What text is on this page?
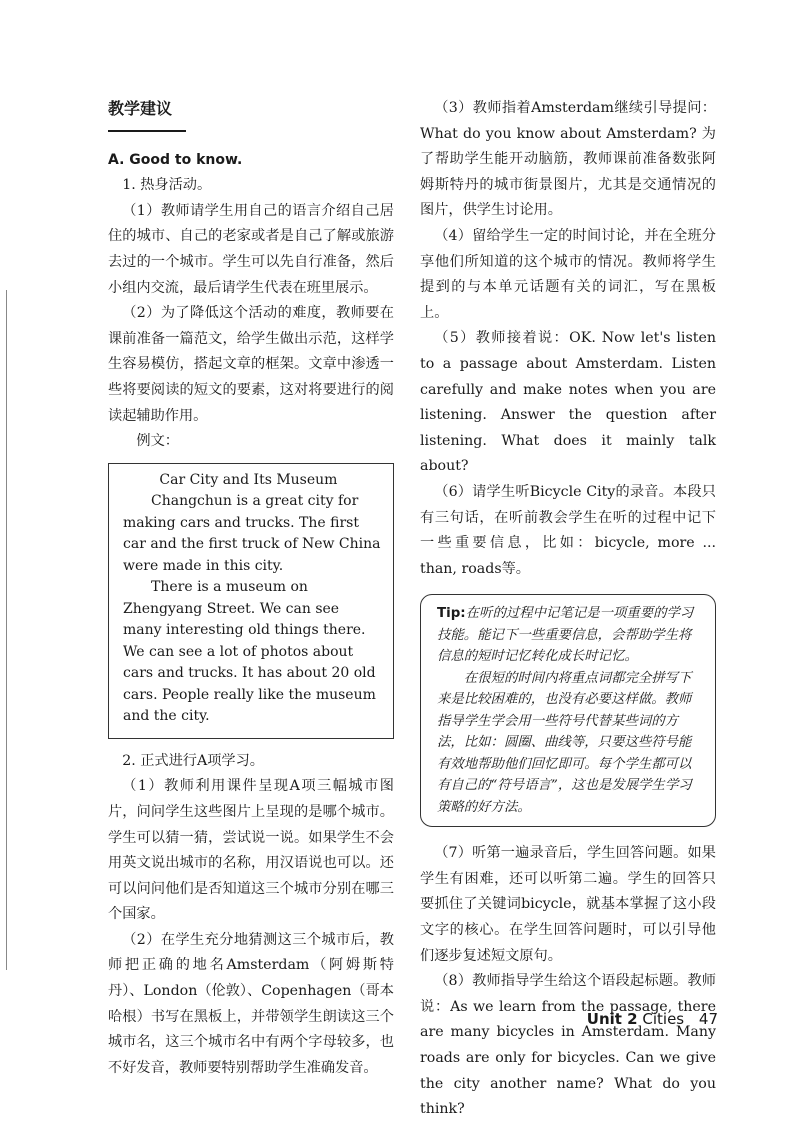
教学建议

A. Good to know.

1. 热身活动。

（1）教师请学生用自己的语言介绍自己居住的城市、自己的老家或者是自己了解或旅游去过的一个城市。学生可以先自行准备，然后小组内交流，最后请学生代表在班里展示。

（2）为了降低这个活动的难度，教师要在课前准备一篇范文，给学生做出示范，这样学生容易模仿，搭起文章的框架。文章中渗透一些将要阅读的短文的要素，这对将要进行的阅读起辅助作用。

例文：

Car City and Its Museum

Changchun is a great city for making cars and trucks. The first car and the first truck of New China were made in this city.

There is a museum on Zhengyang Street. We can see many interesting old things there. We can see a lot of photos about cars and trucks. It has about 20 old cars. People really like the museum and the city.

2. 正式进行A项学习。

（1）教师利用课件呈现A项三幅城市图片，问问学生这些图片上呈现的是哪个城市。学生可以猜一猜，尝试说一说。如果学生不会用英文说出城市的名称，用汉语说也可以。还可以问问他们是否知道这三个城市分别在哪三个国家。

（2）在学生充分地猜测这三个城市后，教师把正确的地名Amsterdam（阿姆斯特丹）、London（伦敦）、Copenhagen（哥本哈根）书写在黑板上，并带领学生朗读这三个城市名，这三个城市名中有两个字母较多，也不好发音，教师要特别帮助学生准确发音。

（3）教师指着Amsterdam继续引导提问：What do you know about Amsterdam? 为了帮助学生能开动脑筋，教师课前准备数张阿姆斯特丹的城市街景图片，尤其是交通情况的图片，供学生讨论用。

（4）留给学生一定的时间讨论，并在全班分享他们所知道的这个城市的情况。教师将学生提到的与本单元话题有关的词汇，写在黑板上。

（5）教师接着说：OK. Now let's listen to a passage about Amsterdam. Listen carefully and make notes when you are listening. Answer the question after listening. What does it mainly talk about?

（6）请学生听Bicycle City的录音。本段只有三句话，在听前教会学生在听的过程中记下一些重要信息，比如：bicycle, more ... than, roads等。

Tip:在听的过程中记笔记是一项重要的学习技能。能记下一些重要信息，会帮助学生将信息的短时记忆转化成长时记忆。

在很短的时间内将重点词都完全拼写下来是比较困难的，也没有必要这样做。教师指导学生学会用一些符号代替某些词的方法，比如：圆圈、曲线等，只要这些符号能有效地帮助他们回忆即可。每个学生都可以有自己的“符号语言”，这也是发展学生学习策略的好方法。

（7）听第一遍录音后，学生回答问题。如果学生有困难，还可以听第二遍。学生的回答只要抓住了关键词bicycle，就基本掌握了这小段文字的核心。在学生回答问题时，可以引导他们逐步复述短文原句。

（8）教师指导学生给这个语段起标题。教师说：As we learn from the passage, there are many bicycles in Amsterdam. Many roads are only for bicycles. Can we give the city another name? What do you think?

Unit 2 Cities 47
